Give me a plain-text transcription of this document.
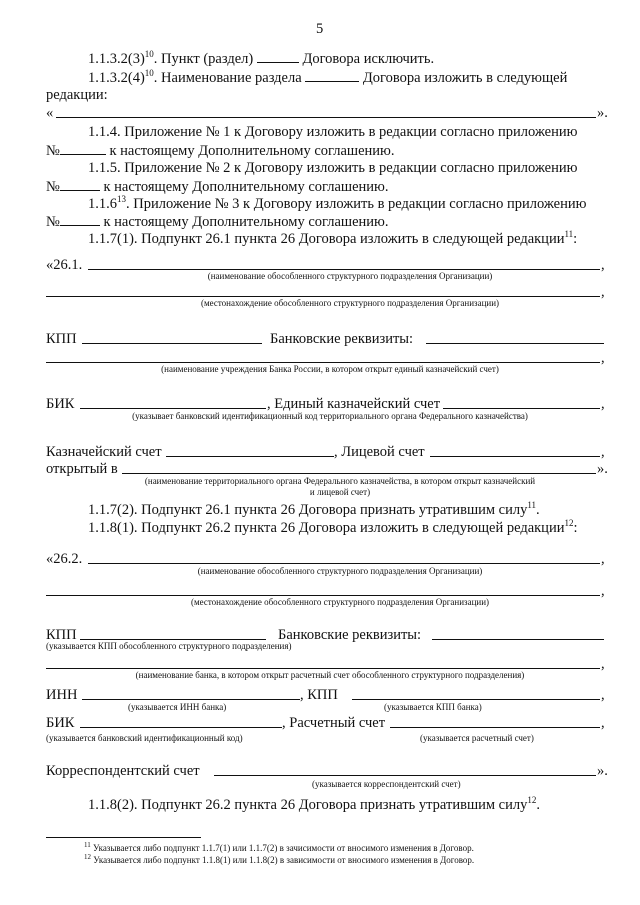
5
$1.1.3.2(3)^{10}$. Пункт (раздел)	Договора исключить.
$1.1.3.2(4)^{10}$. Наименование раздела	Договора изложить в следующей
редакции:
«	».
1.1.4. Приложение № 1 к Договору изложить в редакции согласно приложению
№	к настоящему Дополнительному соглашению.
1.1.5. Приложение № 2 к Договору изложить в редакции согласно приложению
№	к настоящему Дополнительному соглашению.
1.1.6$^{13}$. Приложение № 3 к Договору изложить в редакции согласно приложению
№	к настоящему Дополнительному соглашению.
1.1.7(1). Подпункт 26.1 пункта 26 Договора изложить в следующей редакции$^{11}$:
«26.1.	,
(наименование обособленного структурного подразделения Организации)
,
(местонахождение обособленного структурного подразделения Организации)
КПП	Банковские реквизиты:
,
(наименование учреждения Банка России, в котором открыт единый казначейский счет)
БИК	, Единый казначейский счет	,
(указывает банковский идентификационный код территориального органа Федерального казначейства)
Казначейский счет	, Лицевой счет	,
открытый в	».
(наименование территориального органа Федерального казначейства, в котором открыт казначейский
и лицевой счет)
1.1.7(2). Подпункт 26.1 пункта 26 Договора признать утратившим силу$^{11}$.
1.1.8(1). Подпункт 26.2 пункта 26 Договора изложить в следующей редакции$^{12}$:
«26.2.	,
(наименование обособленного структурного подразделения Организации)
,
(местонахождение обособленного структурного подразделения Организации)
КПП	Банковские реквизиты:
(указывается КПП обособленного структурного подразделения)
,
(наименование банка, в котором открыт расчетный счет обособленного структурного подразделения)
ИНН	, КПП	,
(указывается ИНН банка)	(указывается КПП банка)
БИК	, Расчетный счет	,
(указывается банковский идентификационный код)	(указывается расчетный счет)
Корреспондентский счет	».
(указывается корреспондентский счет)
1.1.8(2). Подпункт 26.2 пункта 26 Договора признать утратившим силу$^{12}$.
$^{11}$ Указывается либо подпункт 1.1.7(1) или 1.1.7(2) в зачисимости от вносимого изменения в Договор.
$^{12}$ Указывается либо подпункт 1.1.8(1) или 1.1.8(2) в зависимости от вносимого изменения в Договор.
